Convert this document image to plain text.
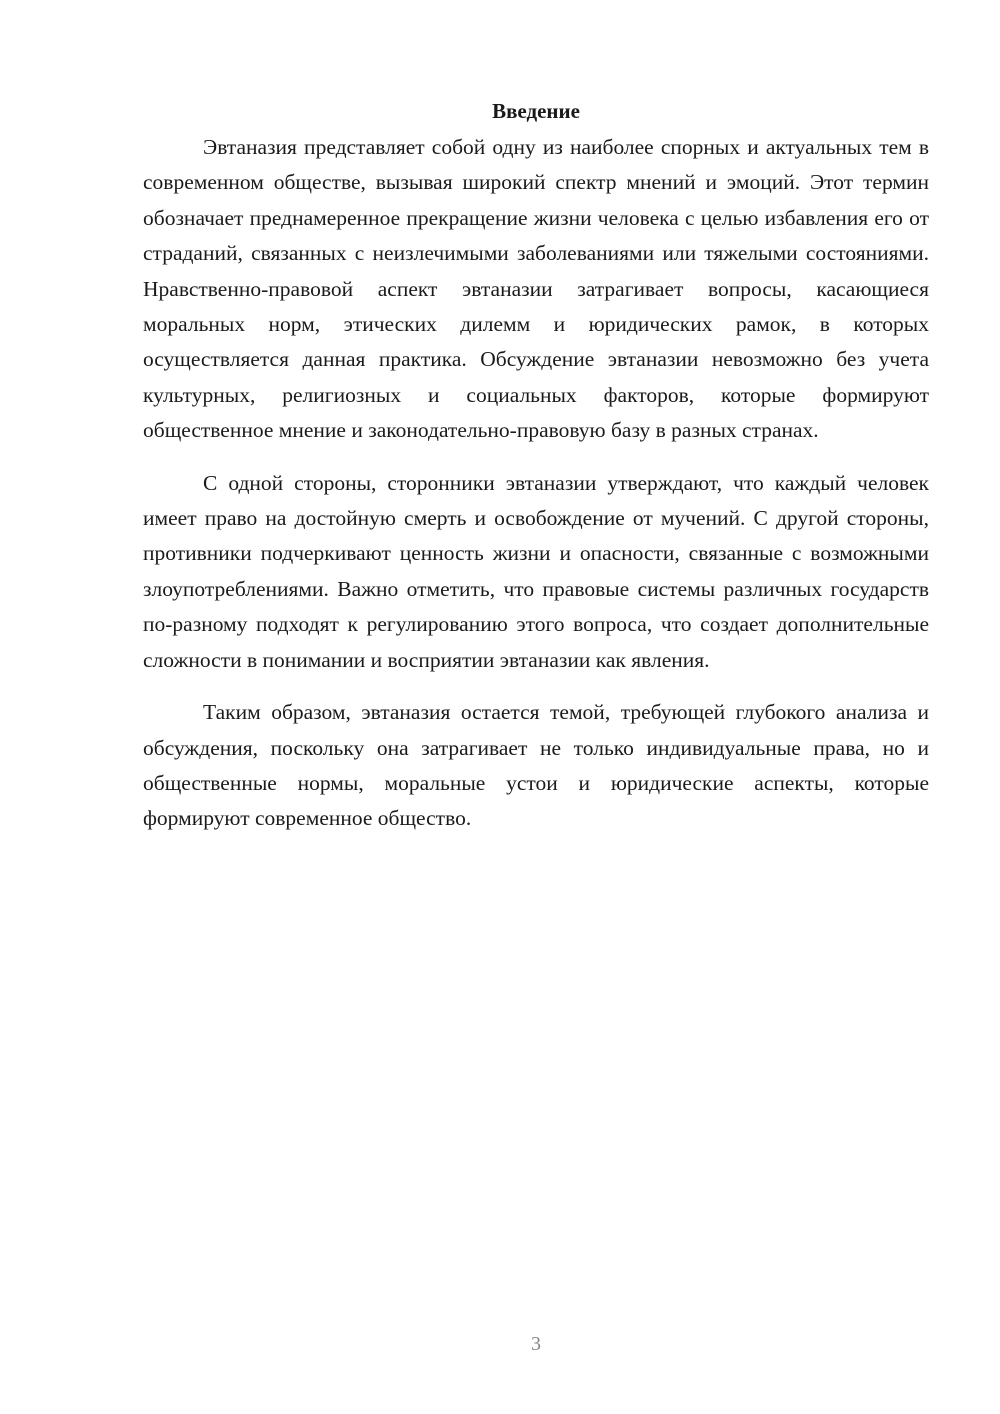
Введение

Эвтаназия представляет собой одну из наиболее спорных и актуальных тем в современном обществе, вызывая широкий спектр мнений и эмоций. Этот термин обозначает преднамеренное прекращение жизни человека с целью избавления его от страданий, связанных с неизлечимыми заболеваниями или тяжелыми состояниями. Нравственно-правовой аспект эвтаназии затрагивает вопросы, касающиеся моральных норм, этических дилемм и юридических рамок, в которых осуществляется данная практика. Обсуждение эвтаназии невозможно без учета культурных, религиозных и социальных факторов, которые формируют общественное мнение и законодательно-правовую базу в разных странах.

С одной стороны, сторонники эвтаназии утверждают, что каждый человек имеет право на достойную смерть и освобождение от мучений. С другой стороны, противники подчеркивают ценность жизни и опасности, связанные с возможными злоупотреблениями. Важно отметить, что правовые системы различных государств по-разному подходят к регулированию этого вопроса, что создает дополнительные сложности в понимании и восприятии эвтаназии как явления.

Таким образом, эвтаназия остается темой, требующей глубокого анализа и обсуждения, поскольку она затрагивает не только индивидуальные права, но и общественные нормы, моральные устои и юридические аспекты, которые формируют современное общество.

3
